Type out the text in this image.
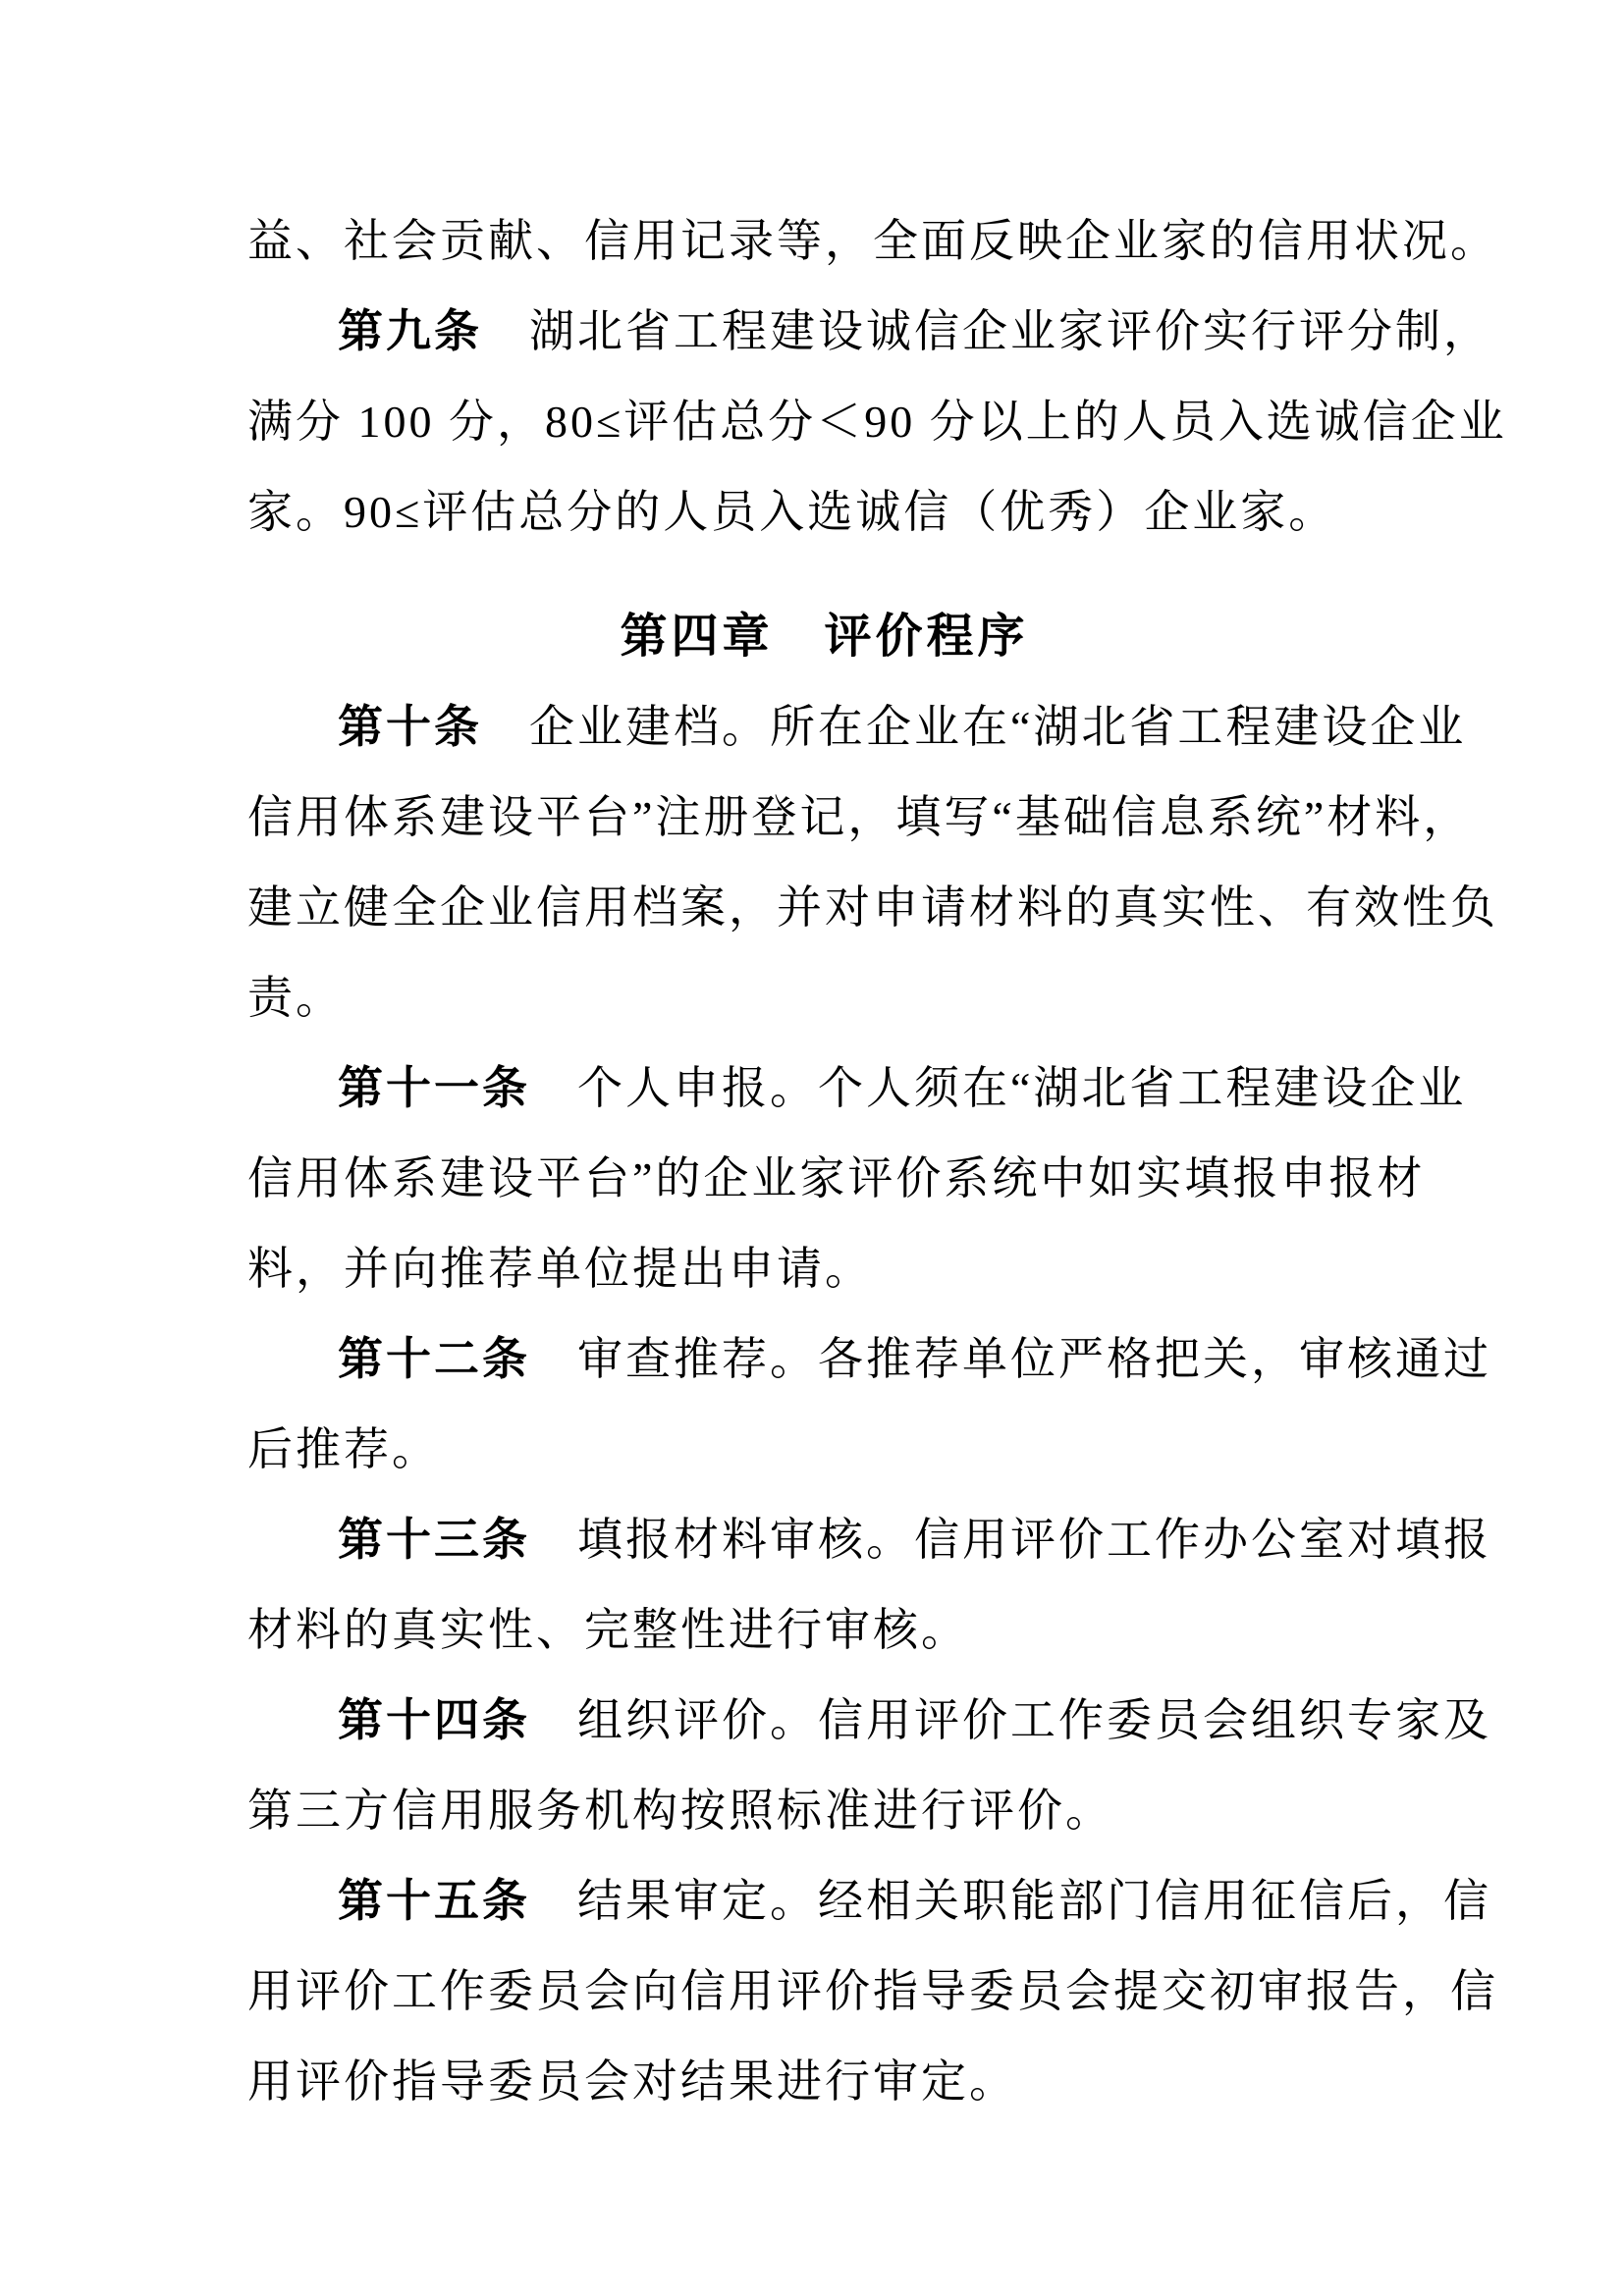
益、社会贡献、信用记录等，全面反映企业家的信用状况。
第九条 湖北省工程建设诚信企业家评价实行评分制，
满分 100 分，80≤评估总分＜90 分以上的人员入选诚信企业
家。90≤评估总分的人员入选诚信（优秀）企业家。
第四章　评价程序
第十条 企业建档。所在企业在“湖北省工程建设企业
信用体系建设平台”注册登记，填写“基础信息系统”材料，
建立健全企业信用档案，并对申请材料的真实性、有效性负
责。
第十一条 个人申报。个人须在“湖北省工程建设企业
信用体系建设平台”的企业家评价系统中如实填报申报材
料，并向推荐单位提出申请。
第十二条 审查推荐。各推荐单位严格把关，审核通过
后推荐。
第十三条 填报材料审核。信用评价工作办公室对填报
材料的真实性、完整性进行审核。
第十四条 组织评价。信用评价工作委员会组织专家及
第三方信用服务机构按照标准进行评价。
第十五条 结果审定。经相关职能部门信用征信后，信
用评价工作委员会向信用评价指导委员会提交初审报告，信
用评价指导委员会对结果进行审定。
